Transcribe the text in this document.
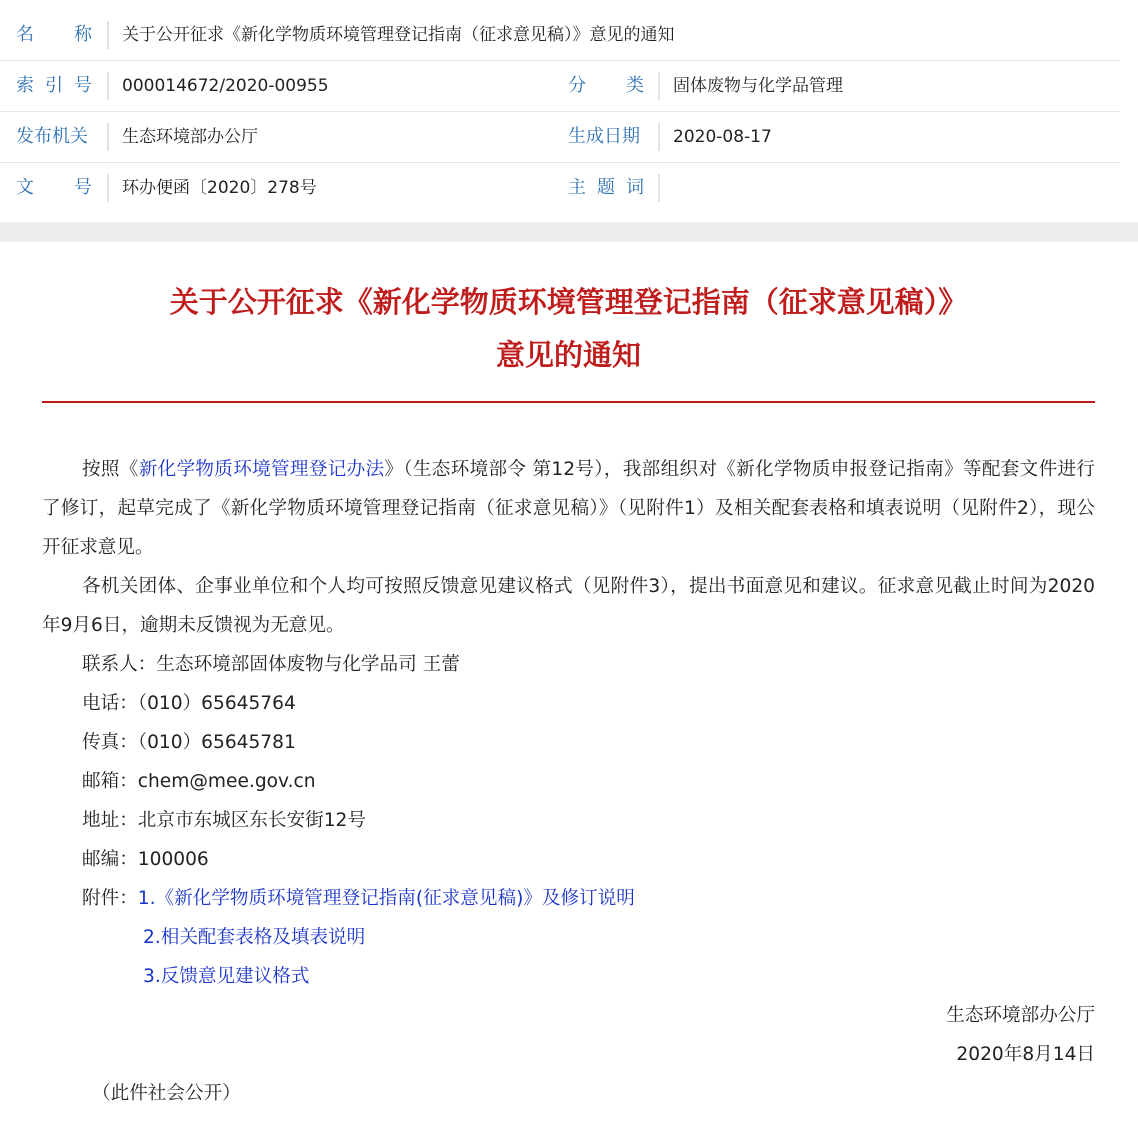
名 称 关于公开征求《新化学物质环境管理登记指南（征求意见稿）》意见的通知
索 引 号 000014672/2020-00955	分 类 固体废物与化学品管理
发布机关 生态环境部办公厅	生成日期 2020-08-17
文 号 环办便函〔2020〕278号	主 题 词
关于公开征求《新化学物质环境管理登记指南（征求意见稿）》
意见的通知
按照《新化学物质环境管理登记办法》（生态环境部令 第12号），我部组织对《新化学物质申报登记指南》等配套文件进行了修订，起草完成了《新化学物质环境管理登记指南（征求意见稿）》（见附件1）及相关配套表格和填表说明（见附件2），现公开征求意见。
各机关团体、企事业单位和个人均可按照反馈意见建议格式（见附件3），提出书面意见和建议。征求意见截止时间为2020年9月6日，逾期未反馈视为无意见。
联系人：生态环境部固体废物与化学品司 王蕾
电话：（010）65645764
传真：（010）65645781
邮箱：chem@mee.gov.cn
地址：北京市东城区东长安街12号
邮编：100006
附件：1.《新化学物质环境管理登记指南(征求意见稿)》及修订说明
2.相关配套表格及填表说明
3.反馈意见建议格式
生态环境部办公厅
2020年8月14日
（此件社会公开）
